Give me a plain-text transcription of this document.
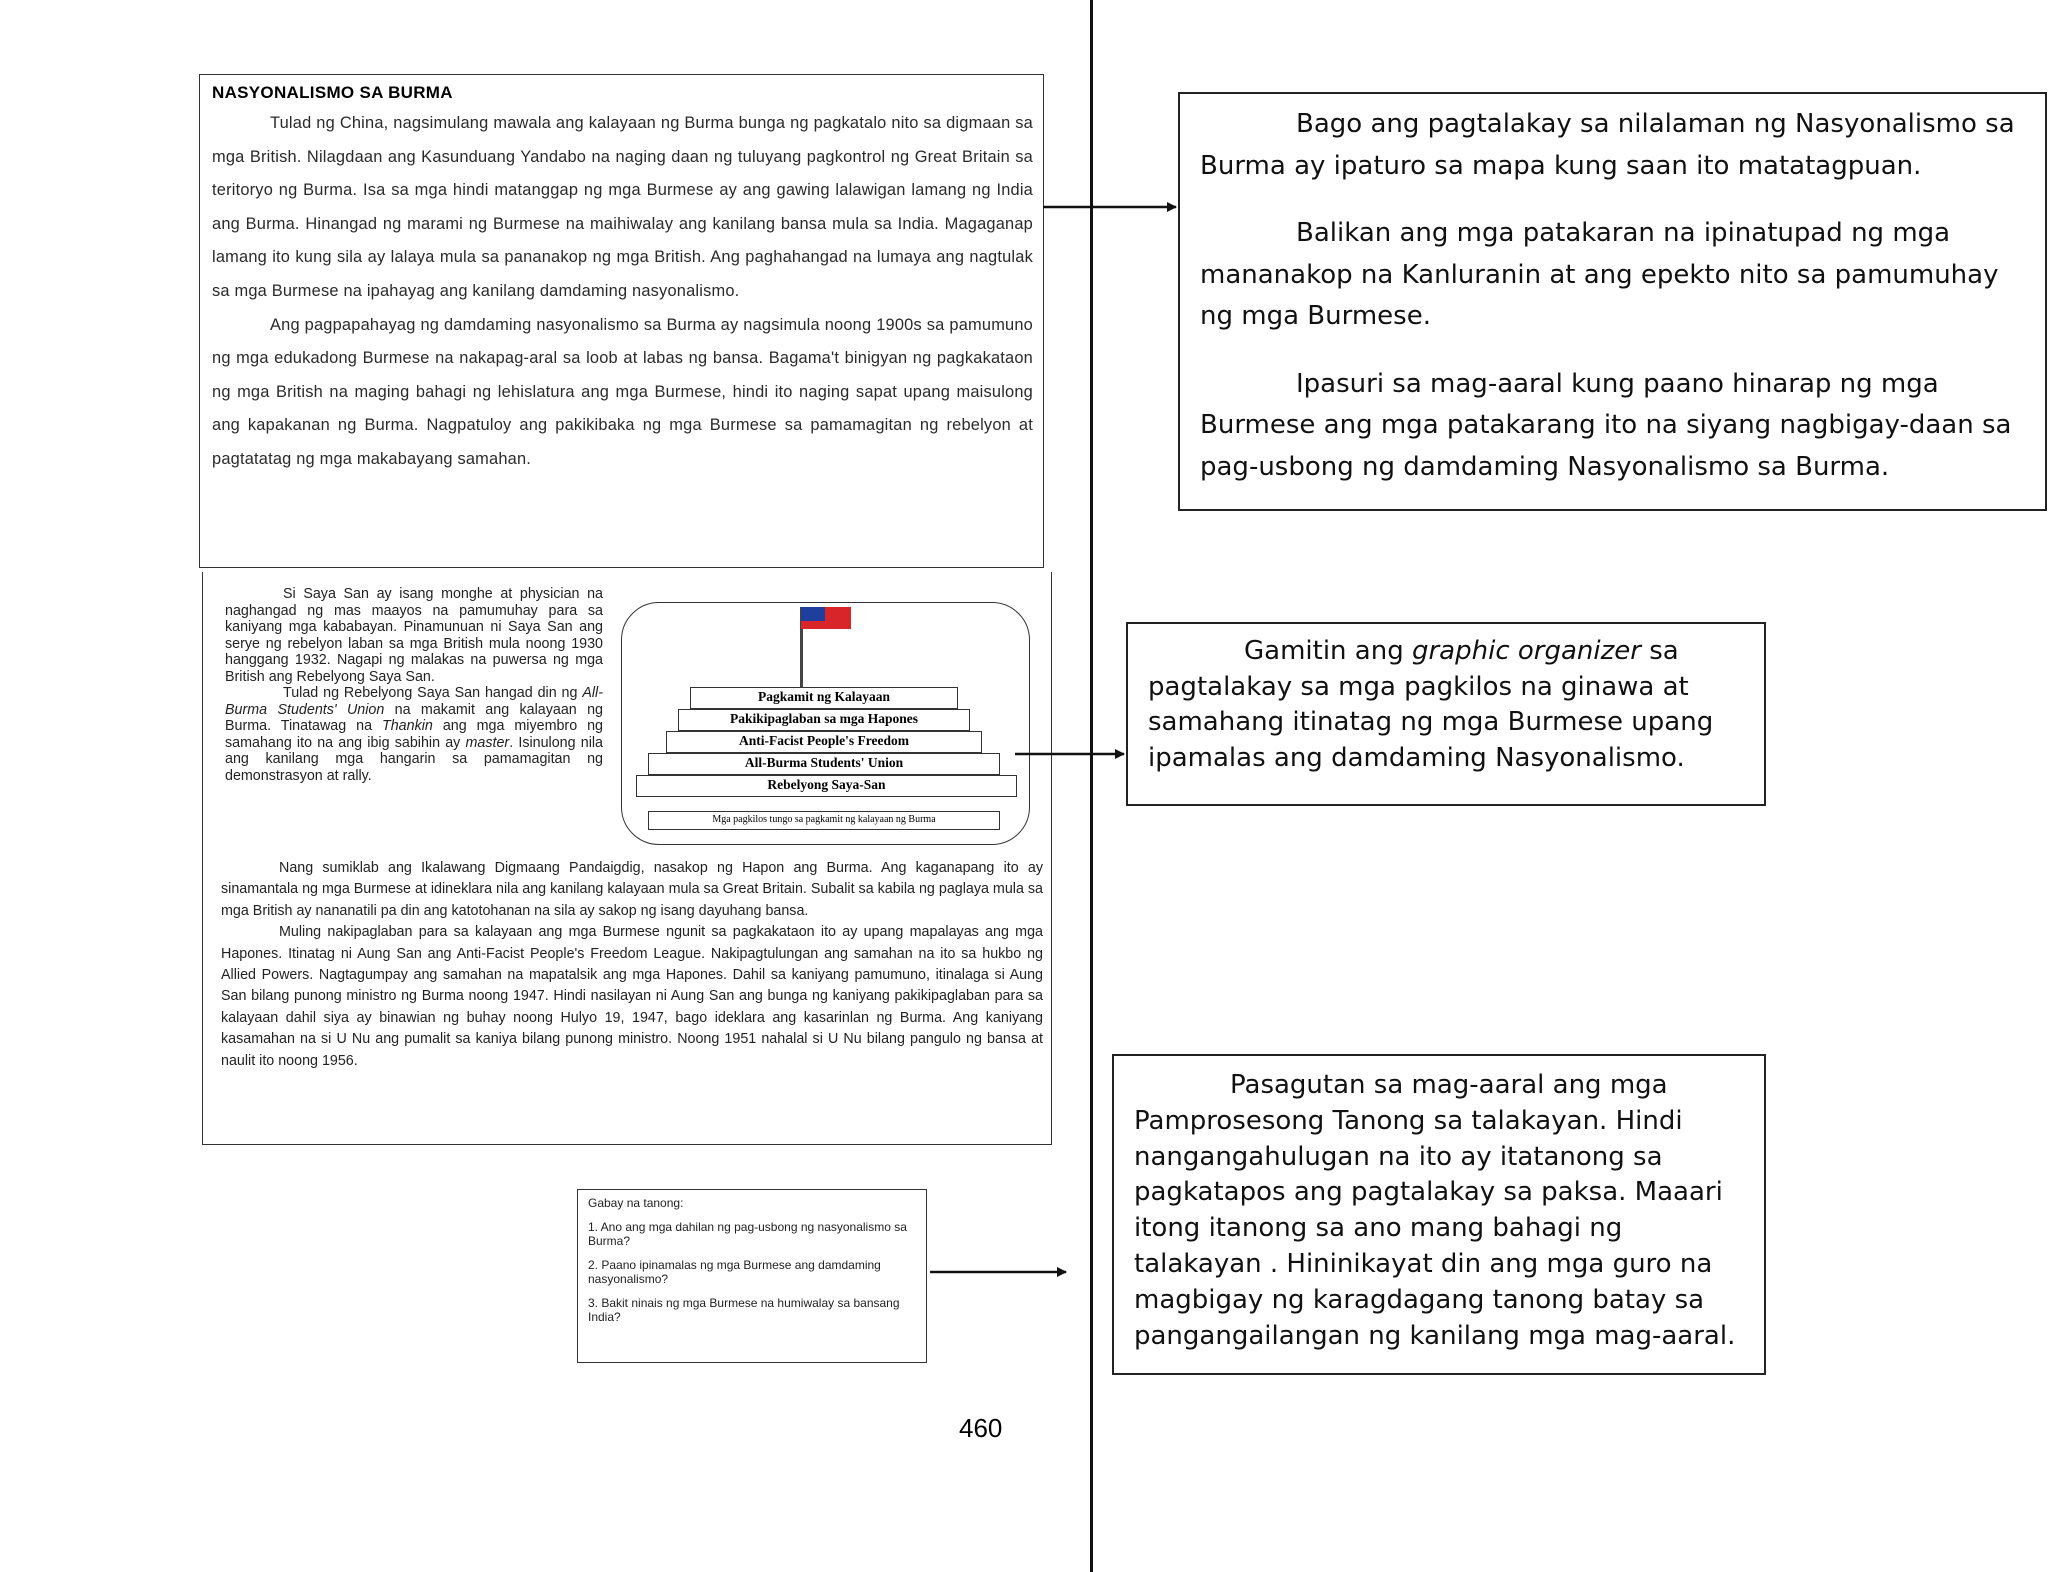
NASYONALISMO SA BURMA

Tulad ng China, nagsimulang mawala ang kalayaan ng Burma bunga ng pagkatalo nito sa digmaan sa mga British. Nilagdaan ang Kasunduang Yandabo na naging daan ng tuluyang pagkontrol ng Great Britain sa teritoryo ng Burma. Isa sa mga hindi matanggap ng mga Burmese ay ang gawing lalawigan lamang ng India ang Burma. Hinangad ng marami ng Burmese na maihiwalay ang kanilang bansa mula sa India. Magaganap lamang ito kung sila ay lalaya mula sa pananakop ng mga British. Ang paghahangad na lumaya ang nagtulak sa mga Burmese na ipahayag ang kanilang damdaming nasyonalismo.

Ang pagpapahayag ng damdaming nasyonalismo sa Burma ay nagsimula noong 1900s sa pamumuno ng mga edukadong Burmese na nakapag-aral sa loob at labas ng bansa. Bagama't binigyan ng pagkakataon ng mga British na maging bahagi ng lehislatura ang mga Burmese, hindi ito naging sapat upang maisulong ang kapakanan ng Burma. Nagpatuloy ang pakikibaka ng mga Burmese sa pamamagitan ng rebelyon at pagtatatag ng mga makabayang samahan.

Si Saya San ay isang monghe at physician na naghangad ng mas maayos na pamumuhay para sa kaniyang mga kababayan. Pinamunuan ni Saya San ang serye ng rebelyon laban sa mga British mula noong 1930 hanggang 1932. Nagapi ng malakas na puwersa ng mga British ang Rebelyong Saya San.

Tulad ng Rebelyong Saya San hangad din ng All-Burma Students' Union na makamit ang kalayaan ng Burma. Tinatawag na Thankin ang mga miyembro ng samahang ito na ang ibig sabihin ay master. Isinulong nila ang kanilang mga hangarin sa pamamagitan ng demonstrasyon at rally.

Pagkamit ng Kalayaan
Pakikipaglaban sa mga Hapones
Anti-Facist People's Freedom
All-Burma Students' Union
Rebelyong Saya-San
Mga pagkilos tungo sa pagkamit ng kalayaan ng Burma

Nang sumiklab ang Ikalawang Digmaang Pandaigdig, nasakop ng Hapon ang Burma. Ang kaganapang ito ay sinamantala ng mga Burmese at idineklara nila ang kanilang kalayaan mula sa Great Britain. Subalit sa kabila ng paglaya mula sa mga British ay nananatili pa din ang katotohanan na sila ay sakop ng isang dayuhang bansa.

Muling nakipaglaban para sa kalayaan ang mga Burmese ngunit sa pagkakataon ito ay upang mapalayas ang mga Hapones. Itinatag ni Aung San ang Anti-Facist People's Freedom League. Nakipagtulungan ang samahan na ito sa hukbo ng Allied Powers. Nagtagumpay ang samahan na mapatalsik ang mga Hapones. Dahil sa kaniyang pamumuno, itinalaga si Aung San bilang punong ministro ng Burma noong 1947. Hindi nasilayan ni Aung San ang bunga ng kaniyang pakikipaglaban para sa kalayaan dahil siya ay binawian ng buhay noong Hulyo 19, 1947, bago ideklara ang kasarinlan ng Burma. Ang kaniyang kasamahan na si U Nu ang pumalit sa kaniya bilang punong ministro. Noong 1951 nahalal si U Nu bilang pangulo ng bansa at naulit ito noong 1956.

Gabay na tanong:

1. Ano ang mga dahilan ng pag-usbong ng nasyonalismo sa Burma?

2. Paano ipinamalas ng mga Burmese ang damdaming nasyonalismo?

3. Bakit ninais ng mga Burmese na humiwalay sa bansang India?

460

Bago ang pagtalakay sa nilalaman ng Nasyonalismo sa Burma ay ipaturo sa mapa kung saan ito matatagpuan.

Balikan ang mga patakaran na ipinatupad ng mga mananakop na Kanluranin at ang epekto nito sa pamumuhay ng mga Burmese.

Ipasuri sa mag-aaral kung paano hinarap ng mga Burmese ang mga patakarang ito na siyang nagbigay-daan sa pag-usbong ng damdaming Nasyonalismo sa Burma.

Gamitin ang graphic organizer sa pagtalakay sa mga pagkilos na ginawa at samahang itinatag ng mga Burmese upang ipamalas ang damdaming Nasyonalismo.

Pasagutan sa mag-aaral ang mga Pamprosesong Tanong sa talakayan. Hindi nangangahulugan na ito ay itatanong sa pagkatapos ang pagtalakay sa paksa. Maaari itong itanong sa ano mang bahagi ng talakayan . Hininikayat din ang mga guro na magbigay ng karagdagang tanong batay sa pangangailangan ng kanilang mga mag-aaral.
